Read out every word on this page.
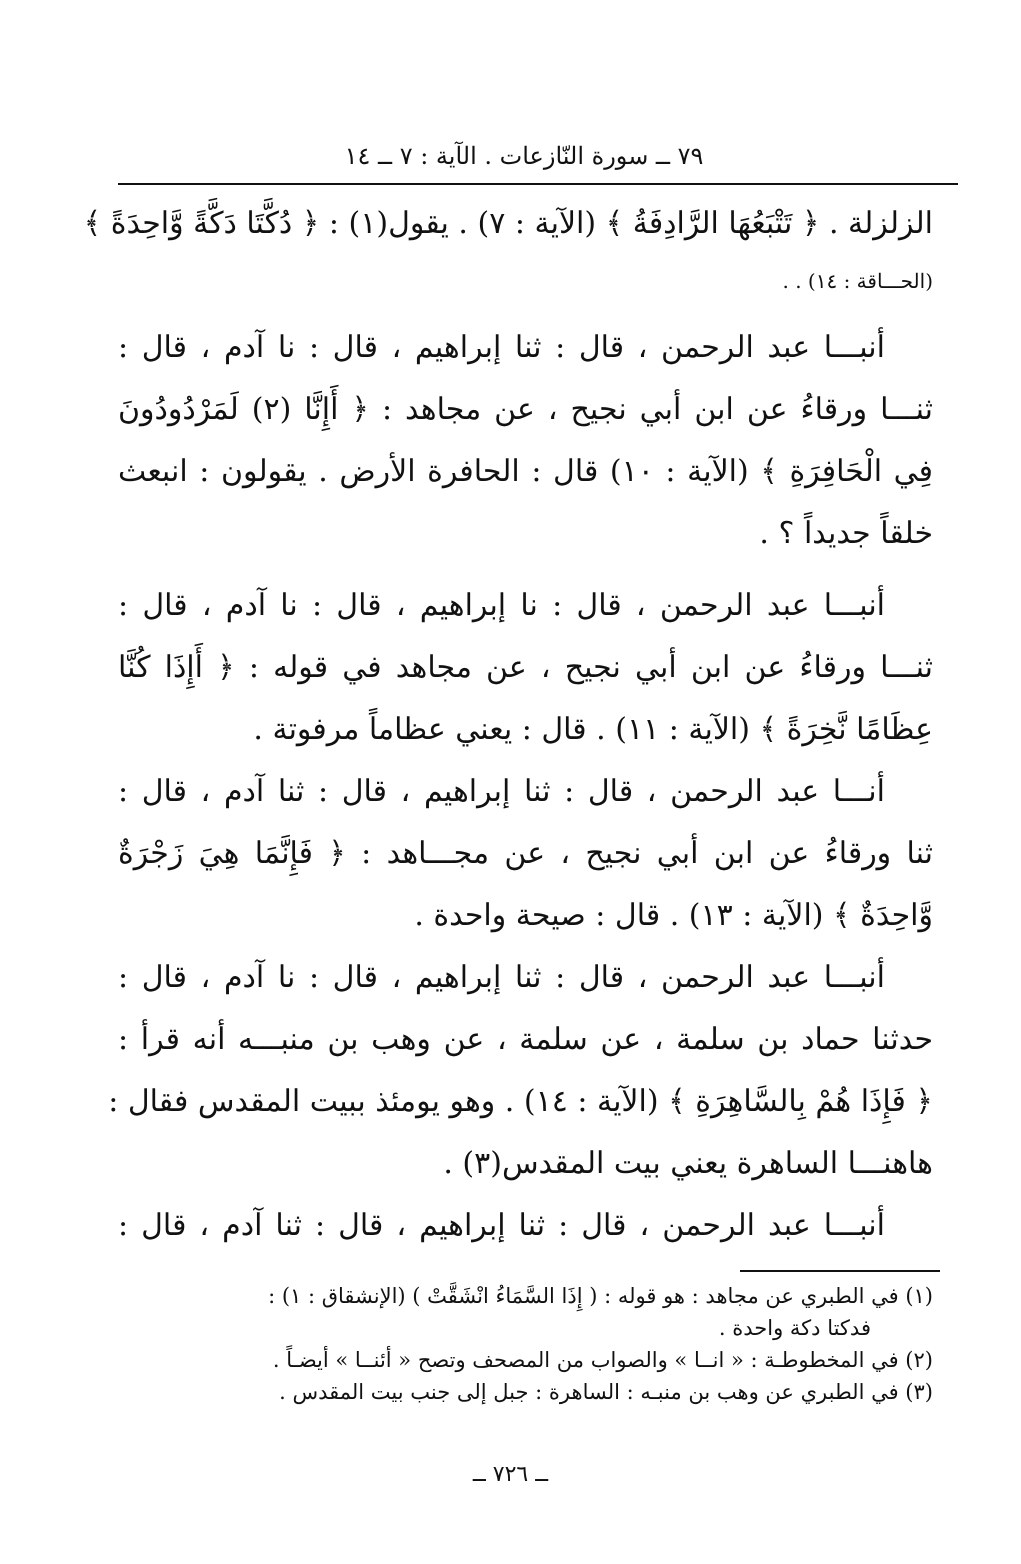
٧٩ ــ سورة النّازعات . الآية : ٧ ــ ١٤
الزلزلة . ﴿ تَتْبَعُهَا الرَّادِفَةُ ﴾ (الآية : ٧) . يقول(١) : ﴿ دُكَّتَا دَكَّةً وَّاحِدَةً ﴾
(الحـــاقة : ١٤) . .
أنبـــا عبد الرحمن ، قال : ثنا إبراهيم ، قال : نا آدم ، قال :
ثنـــا ورقاءُ عن ابن أبي نجيح ، عن مجاهد : ﴿ أَإِنَّا (٢) لَمَرْدُودُونَ
فِي الْحَافِرَةِ ﴾ (الآية : ١٠) قال : الحافرة الأرض . يقولون : انبعث
خلقاً جديداً ؟ .
أنبـــا عبد الرحمن ، قال : نا إبراهيم ، قال : نا آدم ، قال :
ثنـــا ورقاءُ عن ابن أبي نجيح ، عن مجاهد في قوله : ﴿ أَإِذَا كُنَّا
عِظَامًا نَّخِرَةً ﴾ (الآية : ١١) . قال : يعني عظاماً مرفوتة .
أنـــا عبد الرحمن ، قال : ثنا إبراهيم ، قال : ثنا آدم ، قال :
ثنا ورقاءُ عن ابن أبي نجيح ، عن مجـــاهد : ﴿ فَإِنَّمَا هِيَ زَجْرَةٌ
وَّاحِدَةٌ ﴾ (الآية : ١٣) . قال : صيحة واحدة .
أنبـــا عبد الرحمن ، قال : ثنا إبراهيم ، قال : نا آدم ، قال :
حدثنا حماد بن سلمة ، عن سلمة ، عن وهب بن منبـــه أنه قرأ :
﴿ فَإِذَا هُمْ بِالسَّاهِرَةِ ﴾ (الآية : ١٤) . وهو يومئذ ببيت المقدس فقال :
هاهنـــا الساهرة يعني بيت المقدس(٣) .
أنبـــا عبد الرحمن ، قال : ثنا إبراهيم ، قال : ثنا آدم ، قال :
(١) في الطبري عن مجاهد : هو قوله : ( إِذَا السَّمَاءُ انْشَقَّتْ ) (الإنشقاق : ١) :
فدكتا دكة واحدة .
(٢) في المخطوطـة : « انــا » والصواب من المصحف وتصح « أئنــا » أيضـاً .
(٣) في الطبري عن وهب بن منبـه : الساهرة : جبل إلى جنب بيت المقدس .
ــ ٧٢٦ ــ
